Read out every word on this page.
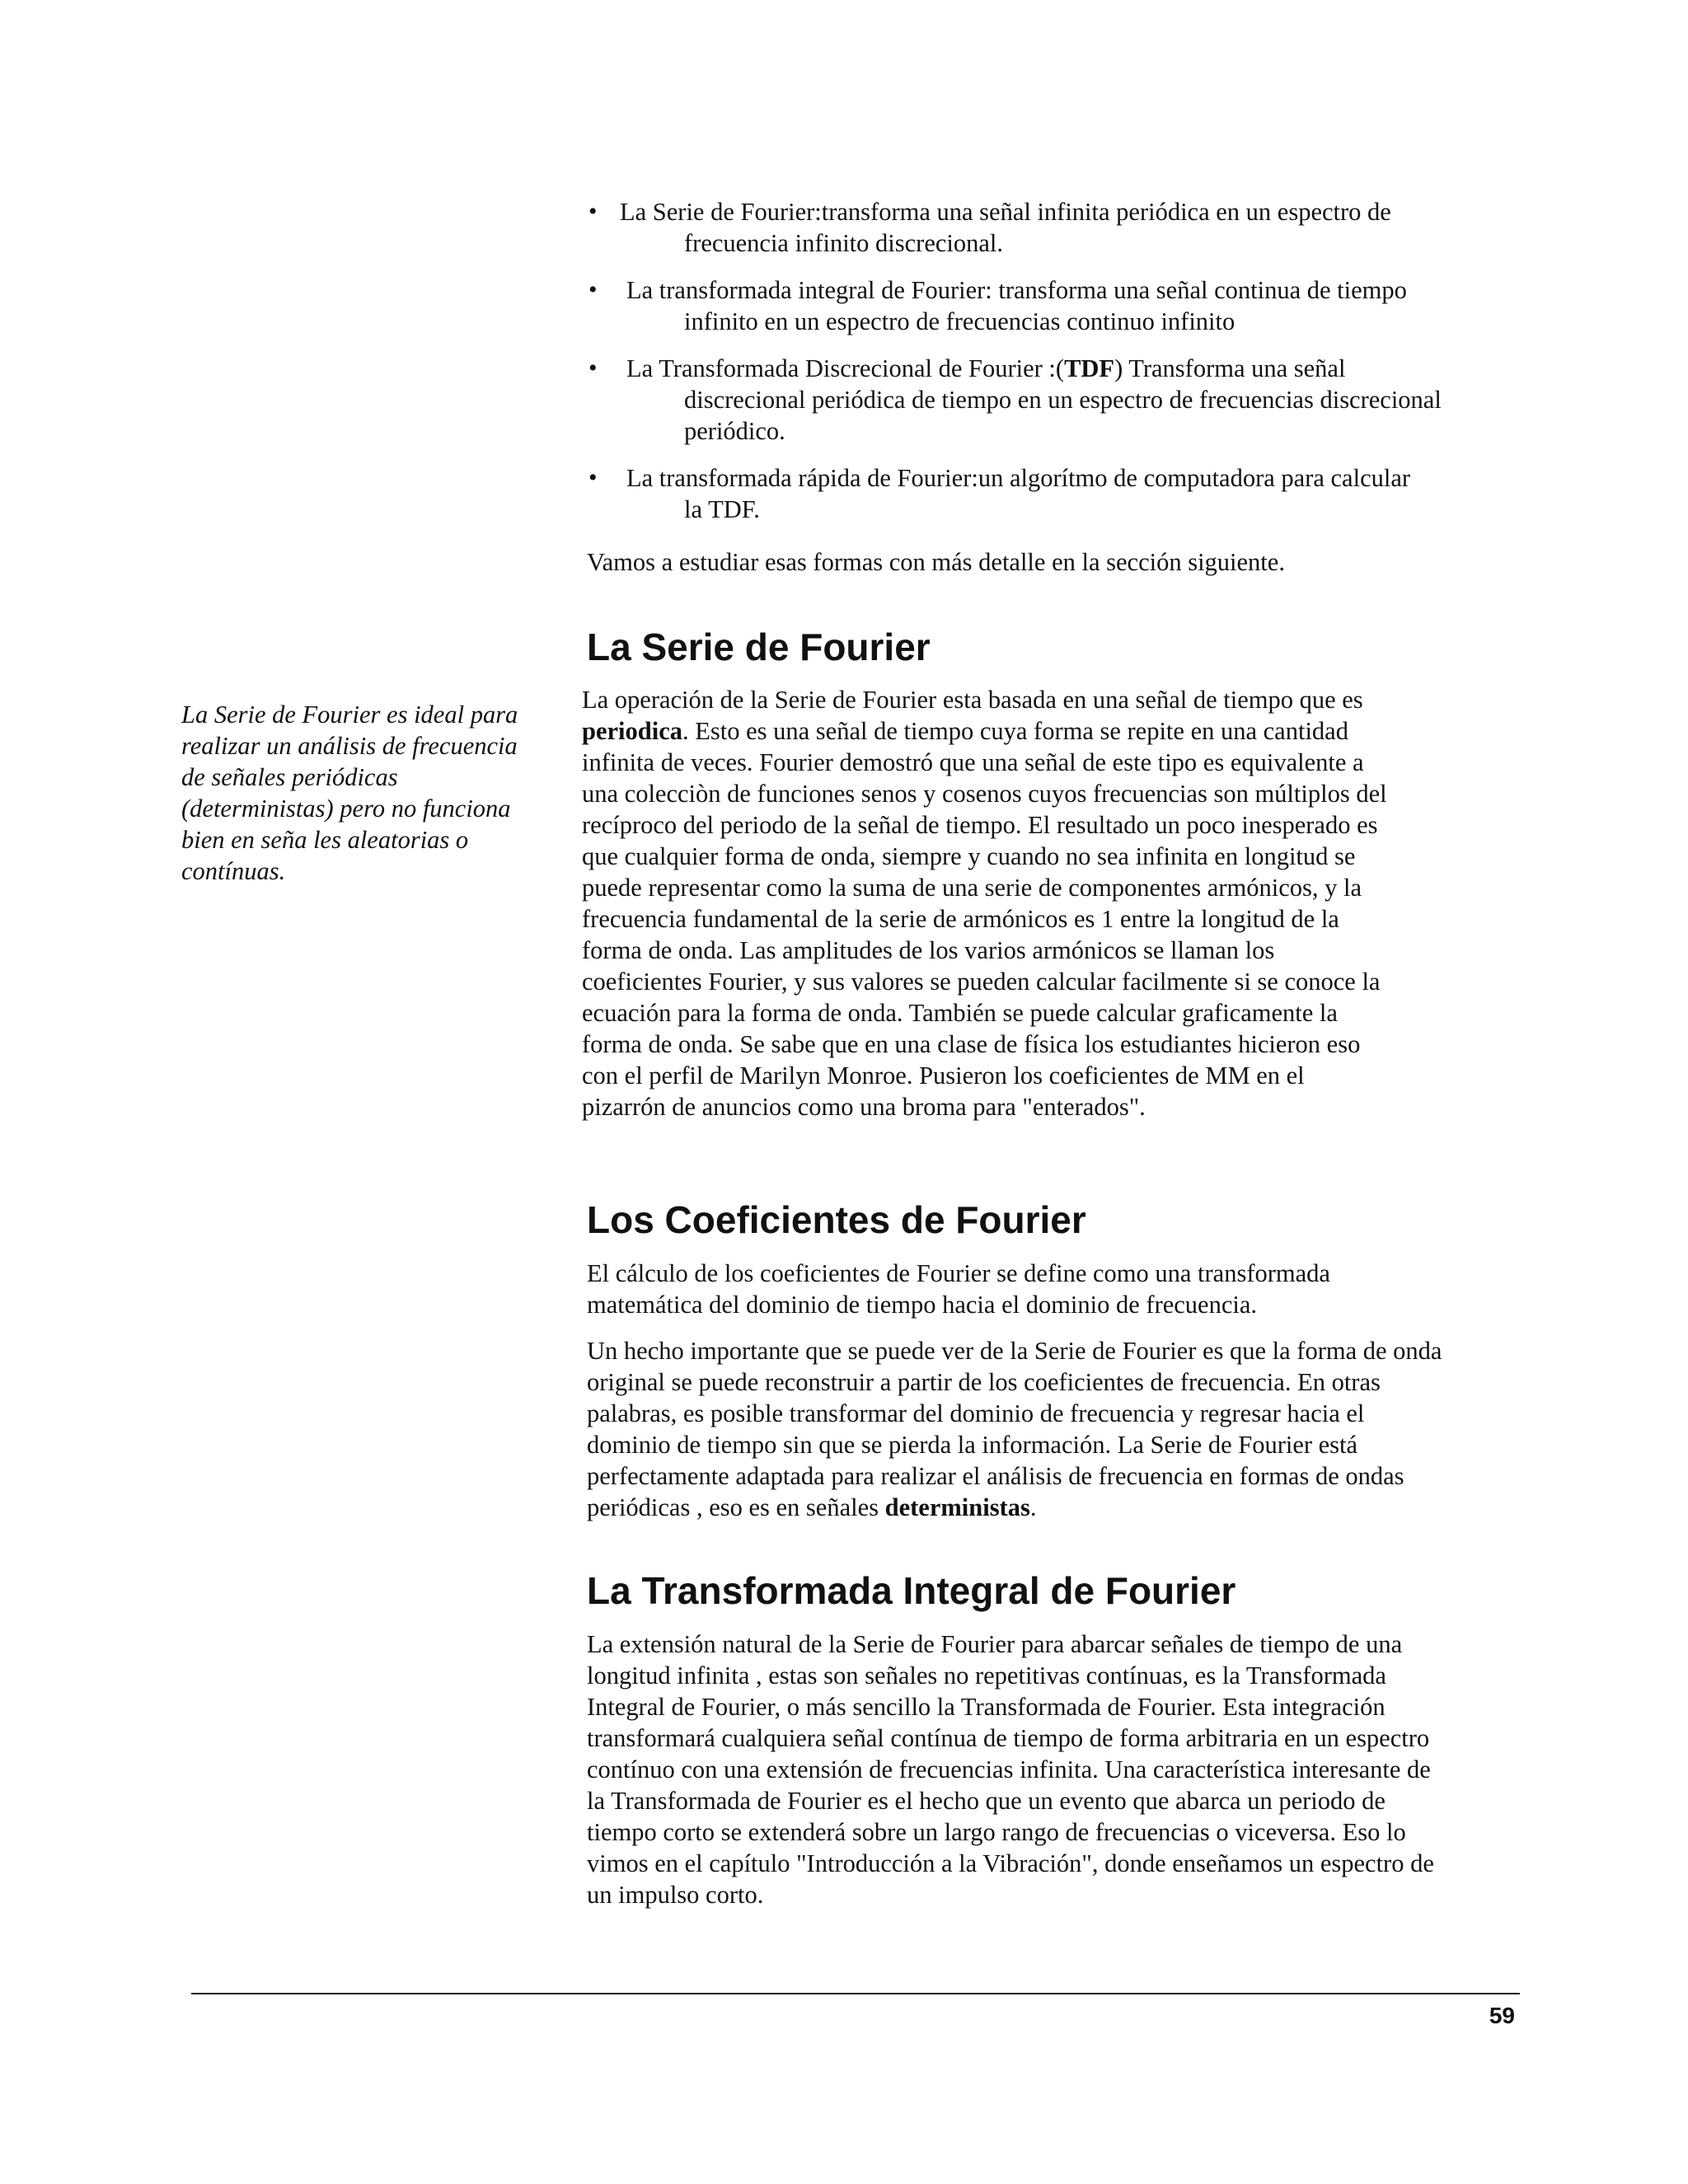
• La Serie de Fourier:transforma una señal infinita periódica en un espectro de
frecuencia infinito discrecional.
•	La transformada integral de Fourier: transforma una señal continua de tiempo
infinito en un espectro de frecuencias continuo infinito
•	La Transformada Discrecional de Fourier :(TDF) Transforma una señal
discrecional periódica de tiempo en un espectro de frecuencias discrecional
periódico.
•	La transformada rápida de Fourier:un algorítmo de computadora para calcular
la TDF.

Vamos a estudiar esas formas con más detalle en la sección siguiente.

La Serie de Fourier
La Serie de Fourier es ideal para
realizar un análisis de frecuencia
de señales periódicas
(deterministas) pero no funciona
bien en seña les aleatorias o
contínuas.

La operación de la Serie de Fourier esta basada en una señal de tiempo que es

periodica. Esto es una señal de tiempo cuya forma se repite en una cantidad

infinita de veces. Fourier demostró que una señal de este tipo es equivalente a

una colecciòn de funciones senos y cosenos cuyos frecuencias son múltiplos del

recíproco del periodo de la señal de tiempo. El resultado un poco inesperado es

que cualquier forma de onda, siempre y cuando no sea infinita en longitud se

puede representar como la suma de una serie de componentes armónicos, y la

frecuencia fundamental de la serie de armónicos es 1 entre la longitud de la

forma de onda. Las amplitudes de los varios armónicos se llaman los

coeficientes Fourier, y sus valores se pueden calcular facilmente si se conoce la

ecuación para la forma de onda. También se puede calcular graficamente la

forma de onda. Se sabe que en una clase de física los estudiantes hicieron eso

con el perfil de Marilyn Monroe. Pusieron los coeficientes de MM en el

pizarrón de anuncios como una broma para "enterados".

Los Coeficientes de Fourier

El cálculo de los coeficientes de Fourier se define como una transformada

matemática del dominio de tiempo hacia el dominio de frecuencia.

Un hecho importante que se puede ver de la Serie de Fourier es que la forma de onda

original se puede reconstruir a partir de los coeficientes de frecuencia. En otras

palabras, es posible transformar del dominio de frecuencia y regresar hacia el

dominio de tiempo sin que se pierda la información. La Serie de Fourier está

perfectamente adaptada para realizar el análisis de frecuencia en formas de ondas

periódicas , eso es en señales deterministas.

La Transformada Integral de Fourier

La extensión natural de la Serie de Fourier para abarcar señales de tiempo de una

longitud infinita , estas son señales no repetitivas contínuas, es la Transformada

Integral de Fourier, o más sencillo la Transformada de Fourier. Esta integración

transformará cualquiera señal contínua de tiempo de forma arbitraria en un espectro

contínuo con una extensión de frecuencias infinita. Una característica interesante de

la Transformada de Fourier es el hecho que un evento que abarca un periodo de

tiempo corto se extenderá sobre un largo rango de frecuencias o viceversa. Eso lo

vimos en el capítulo "Introducción a la Vibración", donde enseñamos un espectro de

un impulso corto.

59
